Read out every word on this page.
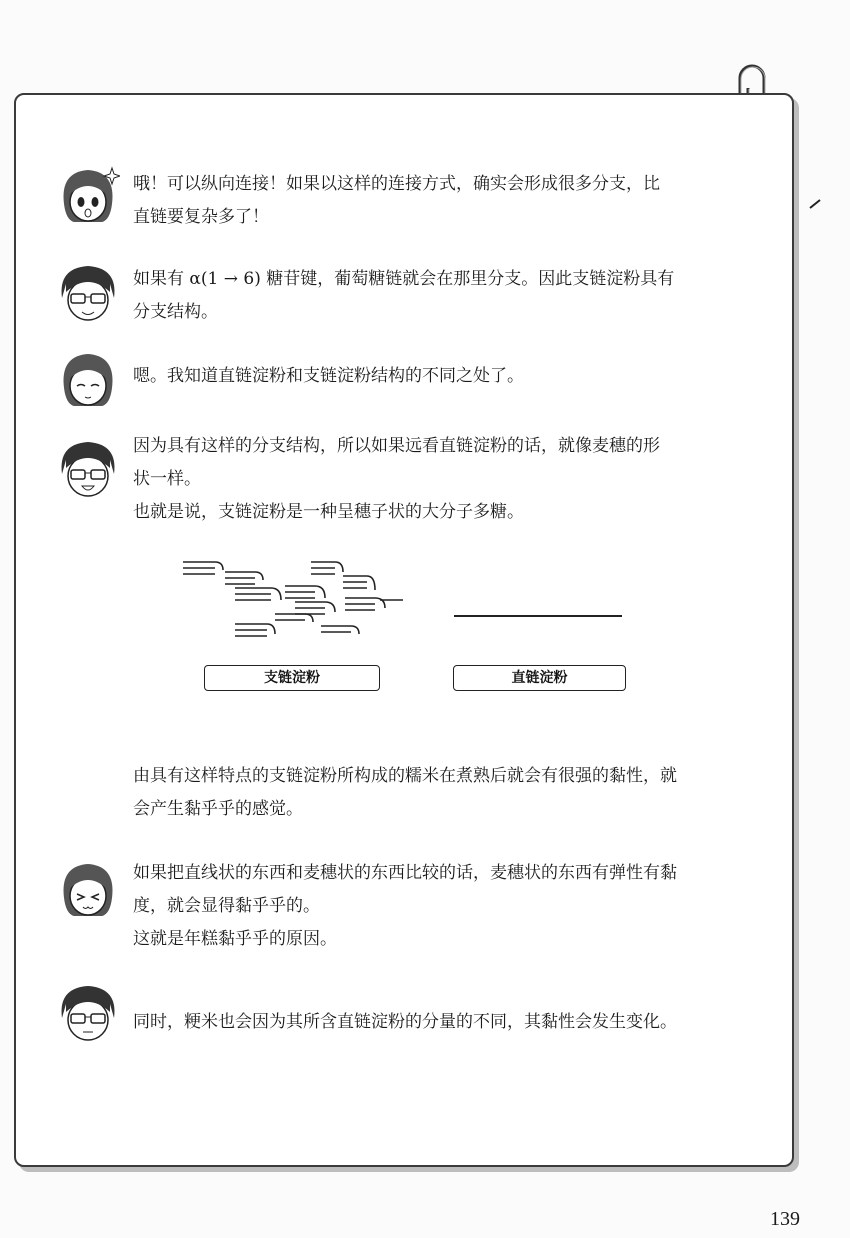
哦！可以纵向连接！如果以这样的连接方式，确实会形成很多分支，比
直链要复杂多了！

如果有 α(1 → 6) 糖苷键，葡萄糖链就会在那里分支。因此支链淀粉具有
分支结构。

嗯。我知道直链淀粉和支链淀粉结构的不同之处了。

因为具有这样的分支结构，所以如果远看直链淀粉的话，就像麦穗的形
状一样。
也就是说，支链淀粉是一种呈穗子状的大分子多糖。

支链淀粉	直链淀粉

由具有这样特点的支链淀粉所构成的糯米在煮熟后就会有很强的黏性，就
会产生黏乎乎的感觉。

如果把直线状的东西和麦穗状的东西比较的话，麦穗状的东西有弹性有黏
度，就会显得黏乎乎的。
这就是年糕黏乎乎的原因。

同时，粳米也会因为其所含直链淀粉的分量的不同，其黏性会发生变化。

139
